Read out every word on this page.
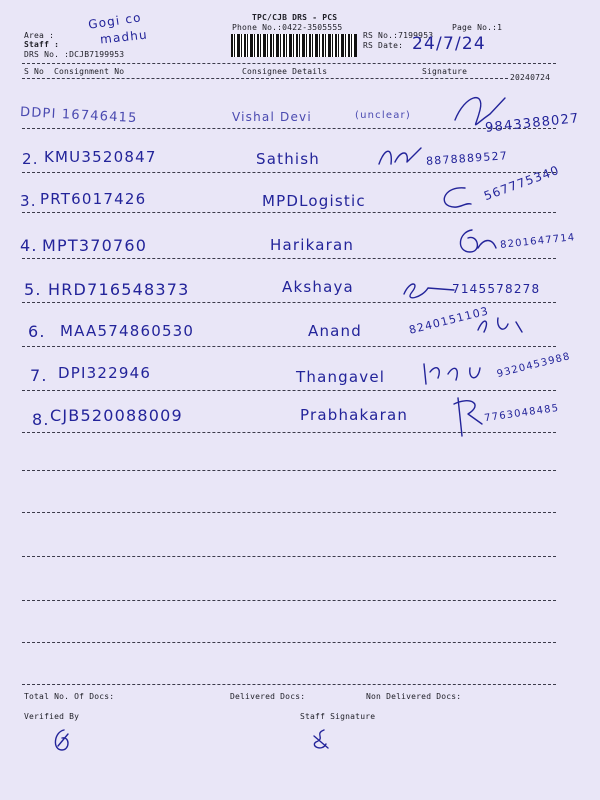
TPC/CJB DRS - PCS
Phone No.:0422-3505555	Page No.:1
Area :
Staff :
DRS No. :DCJB7199953
Gogi co
madhu	RS No.:7199953
RS Date: 24/7/24
S No Consignment No	Consignee Details	Signature
20240724
DDPI 16746415	Vishal Devi	(unclear)	9843388027
2. KMU3520847	Sathish	8878889527
3. PRT6017426	MPDLogistic	567775340
4. MPT370760	Harikaran	8201647714
5. HRD716548373	Akshaya	7145578278
6. MAA574860530	Anand	8240151103
7. DPI322946	Thangavel	9320453988
8. CJB520088009	Prabhakaran	7763048485
Total No. Of Docs:	Delivered Docs:	Non Delivered Docs:
Verified By	Staff Signature
